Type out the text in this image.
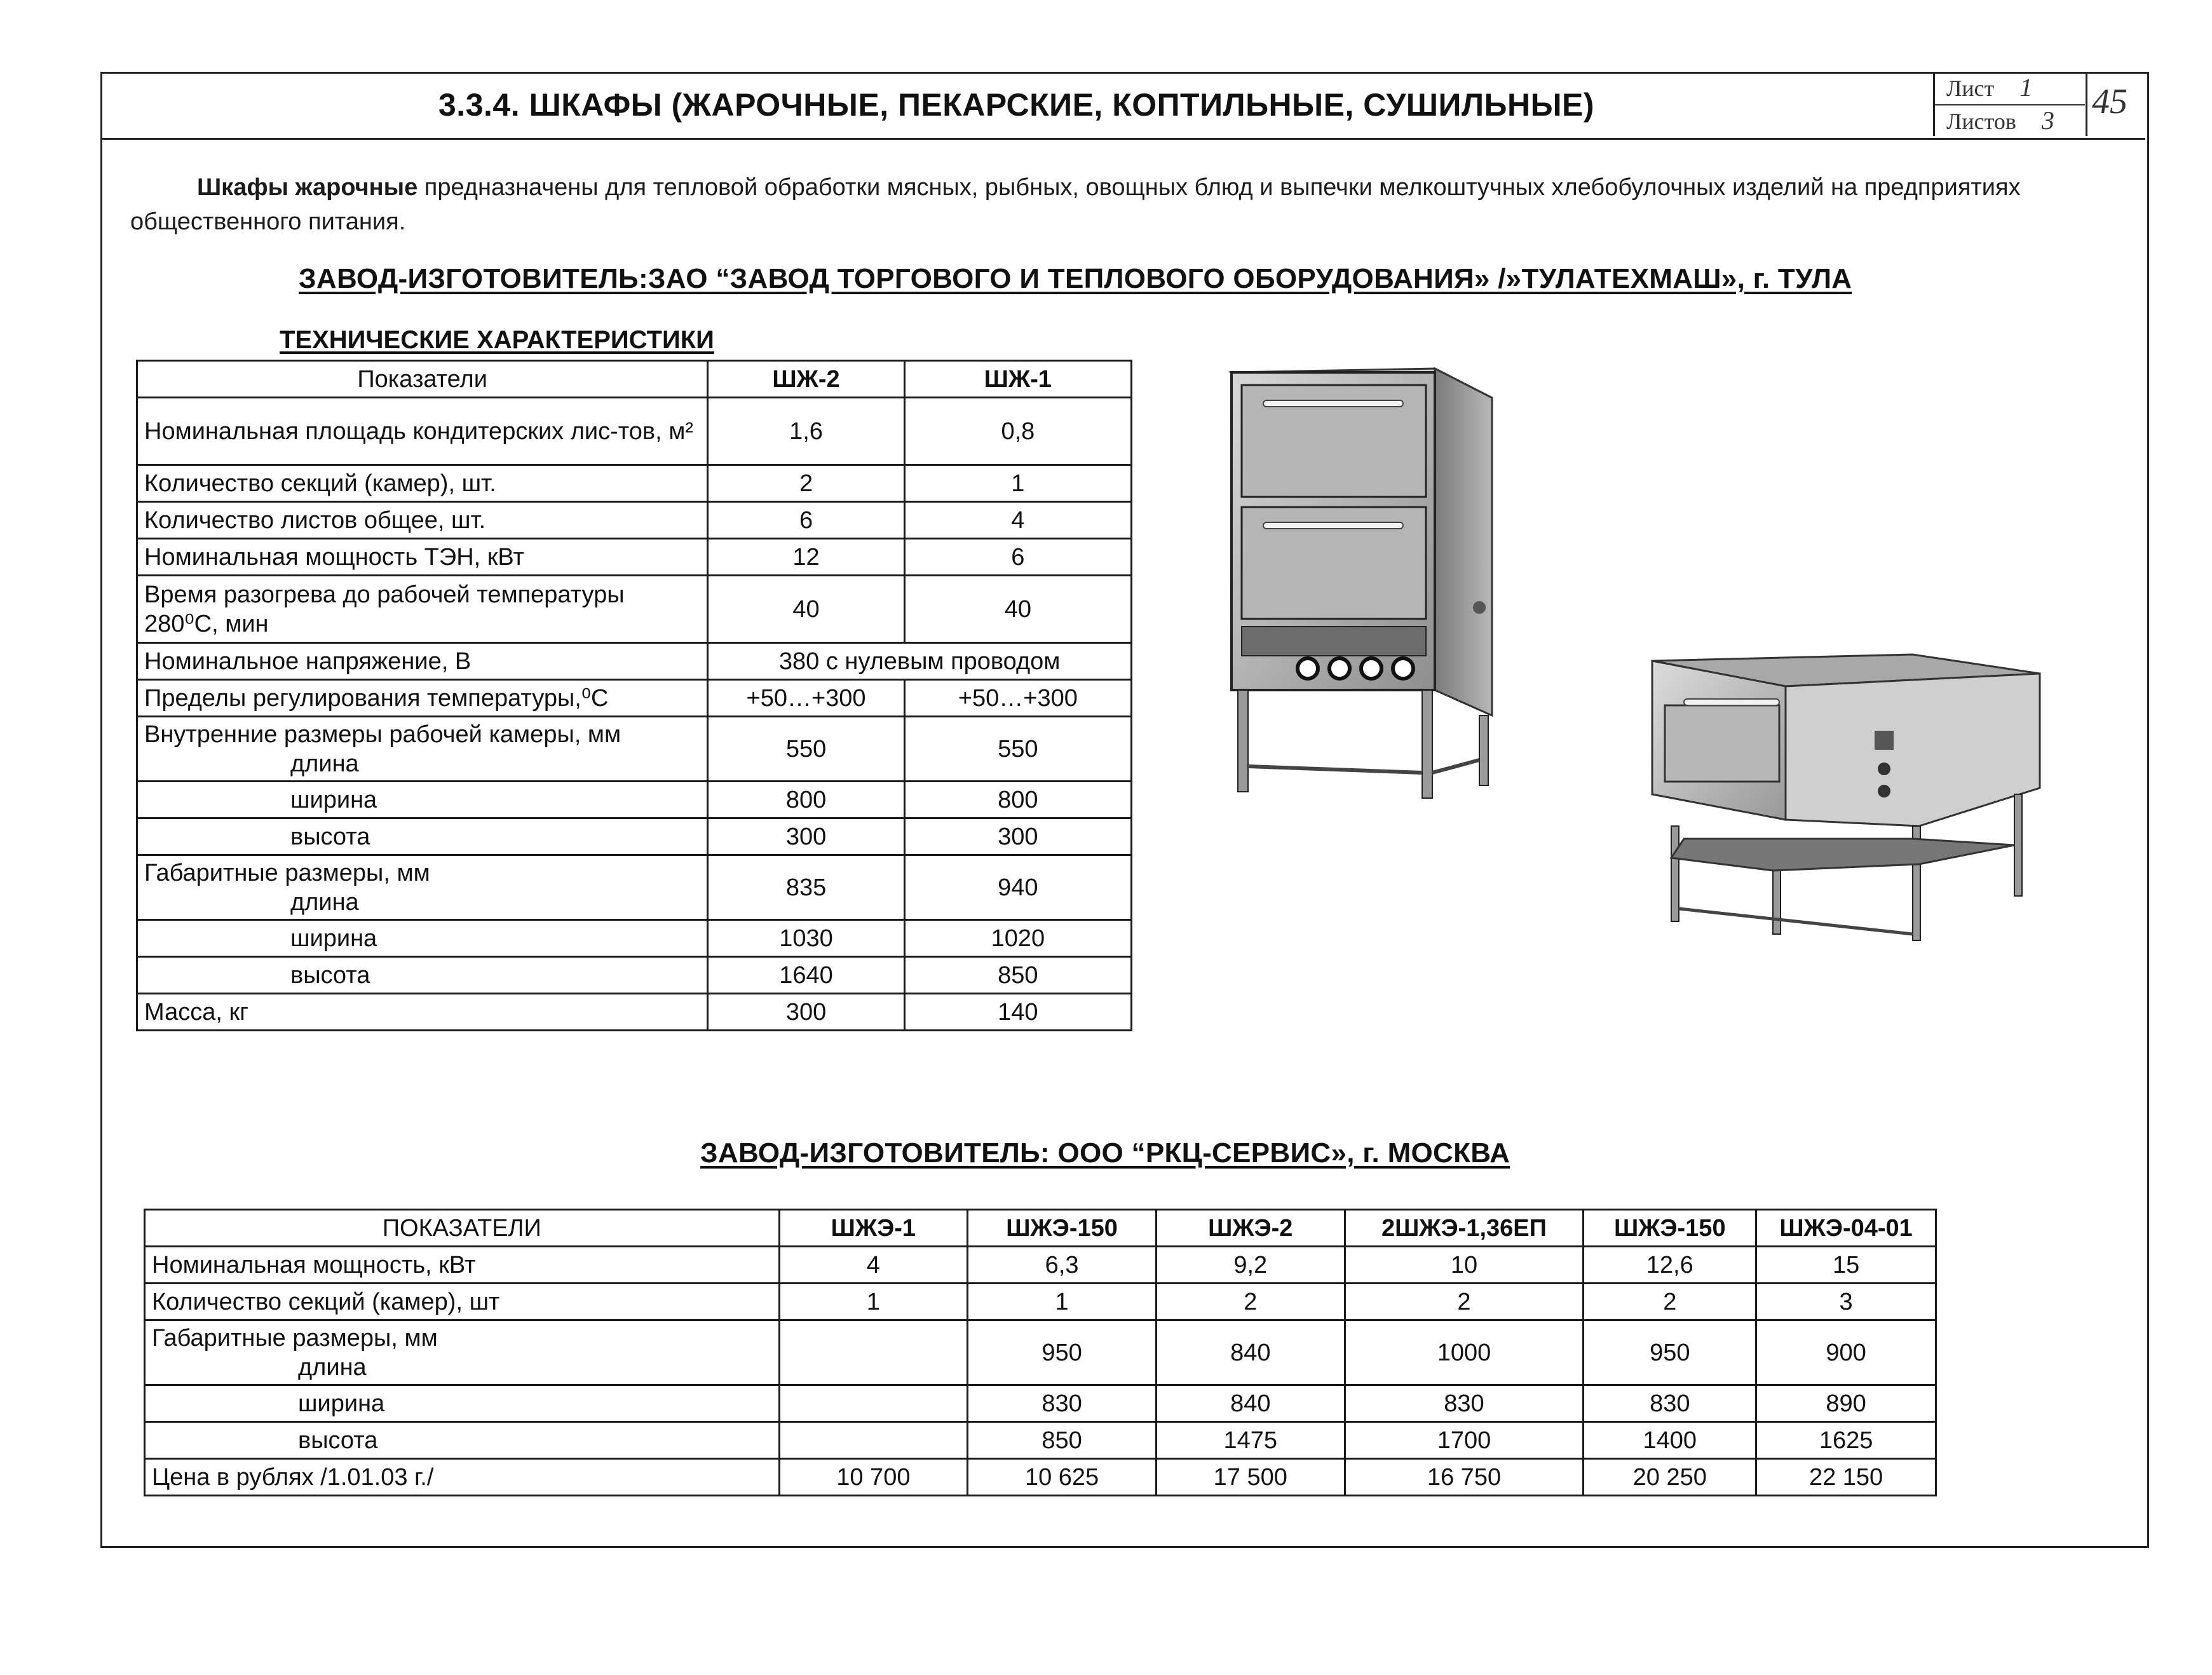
3.3.4. ШКАФЫ (ЖАРОЧНЫЕ, ПЕКАРСКИЕ, КОПТИЛЬНЫЕ, СУШИЛЬНЫЕ)	Лист 1
Листов 3	45
Шкафы жарочные предназначены для тепловой обработки мясных, рыбных, овощных блюд и выпечки мелкоштучных хлебобулочных изделий на предприятиях общественного питания.
ЗАВОД-ИЗГОТОВИТЕЛЬ:ЗАО “ЗАВОД ТОРГОВОГО И ТЕПЛОВОГО ОБОРУДОВАНИЯ» /»ТУЛАТЕХМАШ», г. ТУЛА
ТЕХНИЧЕСКИЕ ХАРАКТЕРИСТИКИ
Показатели	ШЖ-2	ШЖ-1
Номинальная площадь кондитерских лис-тов, м²	1,6	0,8
Количество секций (камер), шт.	2	1
Количество листов общее, шт.	6	4
Номинальная мощность ТЭН, кВт	12	6
Время разогрева до рабочей температуры 280⁰С, мин	40	40
Номинальное напряжение, В	380 с нулевым проводом	
Пределы регулирования температуры,⁰С	+50…+300	+50…+300

Внутренние размеры рабочей камеры, мм
длина	550	550
ширина	800	800
высота	300	300

Габаритные размеры, мм
длина	835	940
ширина	1030	1020
высота	1640	850
Масса, кг	300	140
ЗАВОД-ИЗГОТОВИТЕЛЬ: ООО “РКЦ-СЕРВИС», г. МОСКВА
ПОКАЗАТЕЛИ	ШЖЭ-1	ШЖЭ-150	ШЖЭ-2	2ШЖЭ-1,36ЕП	ШЖЭ-150	ШЖЭ-04-01
Номинальная мощность, кВт	4	6,3	9,2	10	12,6	15
Количество секций (камер), шт	1	1	2	2	2	3

Габаритные размеры, мм
длина		950	840	1000	950	900
ширина		830	840	830	830	890
высота		850	1475	1700	1400	1625
Цена в рублях /1.01.03 г./	10 700	10 625	17 500	16 750	20 250	22 150
